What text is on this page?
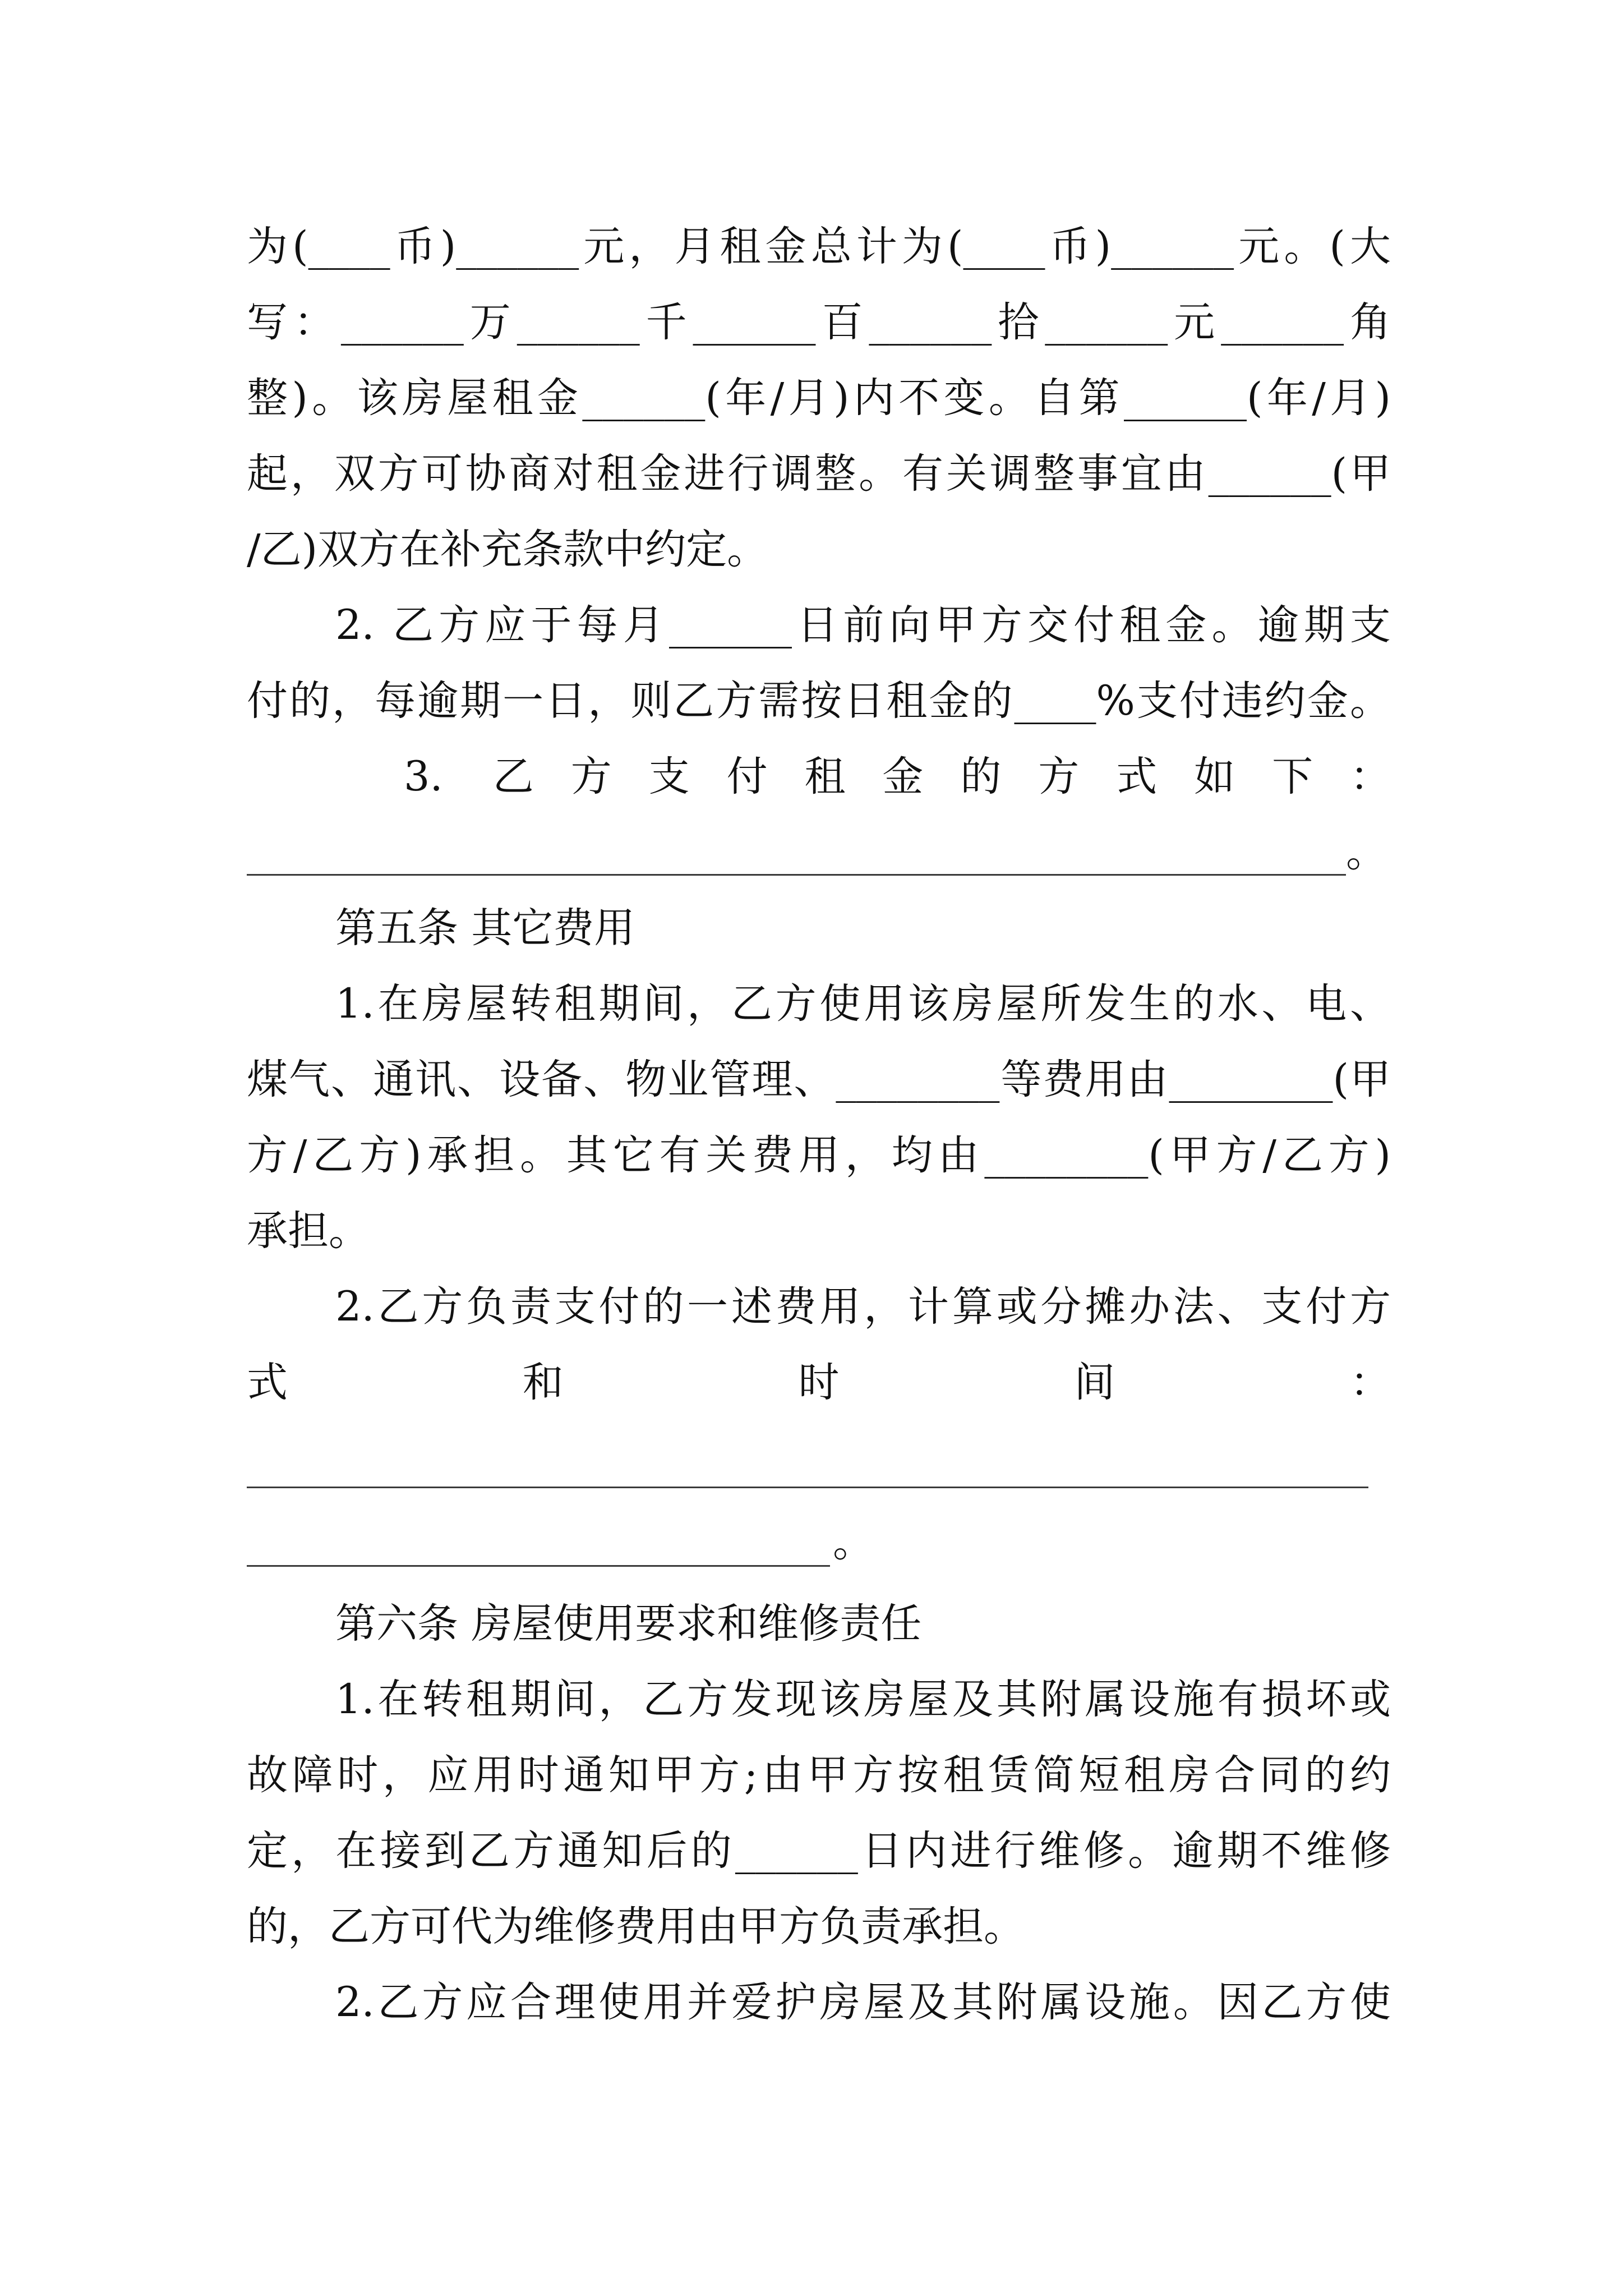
为(____币)______元，月租金总计为(____币)______元。(大
写：______万______千______百______拾______元______角
整)。该房屋租金______(年/月)内不变。自第______(年/月)
起，双方可协商对租金进行调整。有关调整事宜由______(甲
/乙)双方在补充条款中约定。
2. 乙方应于每月______日前向甲方交付租金。逾期支
付的，每逾期一日，则乙方需按日租金的____%支付违约金。
3. 乙方支付租金的方式如下：
。
第五条 其它费用
1.在房屋转租期间，乙方使用该房屋所发生的水、电、
煤气、通讯、设备、物业管理、________等费用由________(甲
方/乙方)承担。其它有关费用，均由________(甲方/乙方)
承担。
2.乙方负责支付的一述费用，计算或分摊办法、支付方
式和时间：
。
第六条 房屋使用要求和维修责任
1.在转租期间，乙方发现该房屋及其附属设施有损坏或
故障时，应用时通知甲方;由甲方按租赁简短租房合同的约
定，在接到乙方通知后的______日内进行维修。逾期不维修
的，乙方可代为维修费用由甲方负责承担。
2.乙方应合理使用并爱护房屋及其附属设施。因乙方使
